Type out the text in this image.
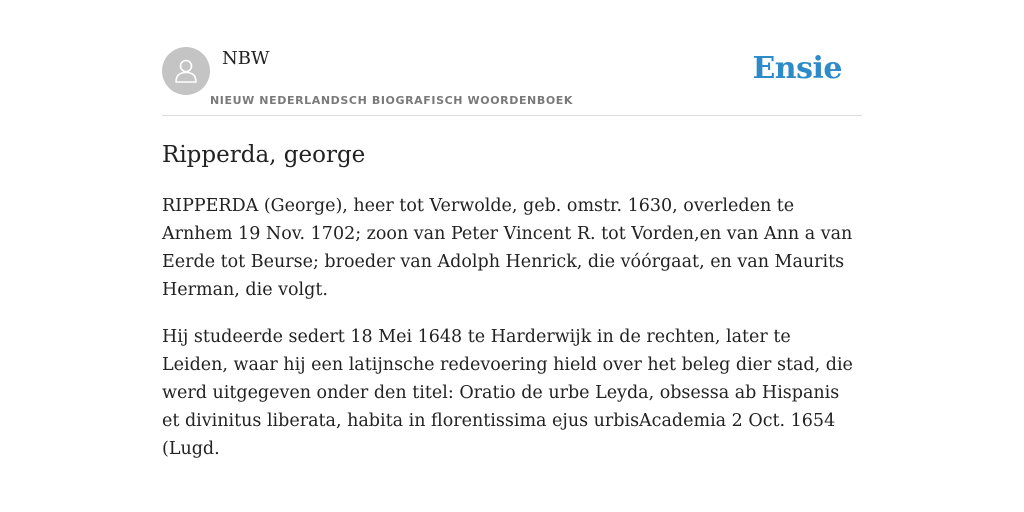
NBW
NIEUW NEDERLANDSCH BIOGRAFISCH WOORDENBOEK
Ensie
Ripperda, george

RIPPERDA (George), heer tot Verwolde, geb. omstr. 1630, overleden te Arnhem 19 Nov. 1702; zoon van Peter Vincent R. tot Vorden,en van Ann a van Eerde tot Beurse; broeder van Adolph Henrick, die vóórgaat, en van Maurits Herman, die volgt.

Hij studeerde sedert 18 Mei 1648 te Harderwijk in de rechten, later te Leiden, waar hij een latijnsche redevoering hield over het beleg dier stad, die werd uitgegeven onder den titel: Oratio de urbe Leyda, obsessa ab Hispanis et divinitus liberata, habita in florentissima ejus urbisAcademia 2 Oct. 1654 (Lugd.
